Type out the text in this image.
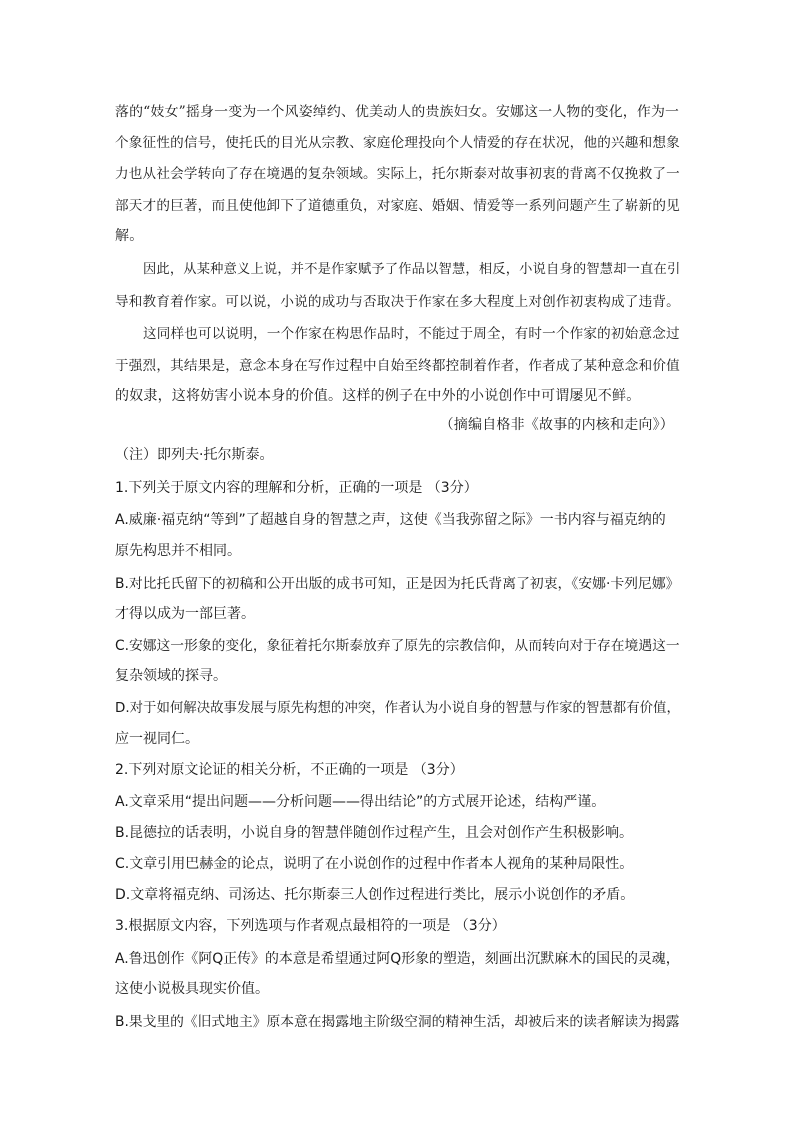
落的“妓女”摇身一变为一个风姿绰约、优美动人的贵族妇女。安娜这一人物的变化，作为一
个象征性的信号，使托氏的目光从宗教、家庭伦理投向个人情爱的存在状况，他的兴趣和想象
力也从社会学转向了存在境遇的复杂领域。实际上，托尔斯泰对故事初衷的背离不仅挽救了一
部天才的巨著，而且使他卸下了道德重负，对家庭、婚姻、情爱等一系列问题产生了崭新的见
解。
因此，从某种意义上说，并不是作家赋予了作品以智慧，相反，小说自身的智慧却一直在引
导和教育着作家。可以说，小说的成功与否取决于作家在多大程度上对创作初衷构成了违背。
这同样也可以说明，一个作家在构思作品时，不能过于周全，有时一个作家的初始意念过
于强烈，其结果是，意念本身在写作过程中自始至终都控制着作者，作者成了某种意念和价值
的奴隶，这将妨害小说本身的价值。这样的例子在中外的小说创作中可谓屡见不鲜。
（摘编自格非《故事的内核和走向》）
（注）即列夫·托尔斯泰。
1.下列关于原文内容的理解和分析，正确的一项是 （3分）
A.威廉·福克纳“等到”了超越自身的智慧之声，这使《当我弥留之际》一书内容与福克纳的
原先构思并不相同。
B.对比托氏留下的初稿和公开出版的成书可知，正是因为托氏背离了初衷，《安娜·卡列尼娜》
才得以成为一部巨著。
C.安娜这一形象的变化，象征着托尔斯泰放弃了原先的宗教信仰，从而转向对于存在境遇这一
复杂领域的探寻。
D.对于如何解决故事发展与原先构想的冲突，作者认为小说自身的智慧与作家的智慧都有价值，
应一视同仁。
2.下列对原文论证的相关分析，不正确的一项是 （3分）
A.文章采用“提出问题——分析问题——得出结论”的方式展开论述，结构严谨。
B.昆德拉的话表明，小说自身的智慧伴随创作过程产生，且会对创作产生积极影响。
C.文章引用巴赫金的论点，说明了在小说创作的过程中作者本人视角的某种局限性。
D.文章将福克纳、司汤达、托尔斯泰三人创作过程进行类比，展示小说创作的矛盾。
3.根据原文内容，下列选项与作者观点最相符的一项是 （3分）
A.鲁迅创作《阿Q正传》的本意是希望通过阿Q形象的塑造，刻画出沉默麻木的国民的灵魂，
这使小说极具现实价值。
B.果戈里的《旧式地主》原本意在揭露地主阶级空洞的精神生活，却被后来的读者解读为揭露
